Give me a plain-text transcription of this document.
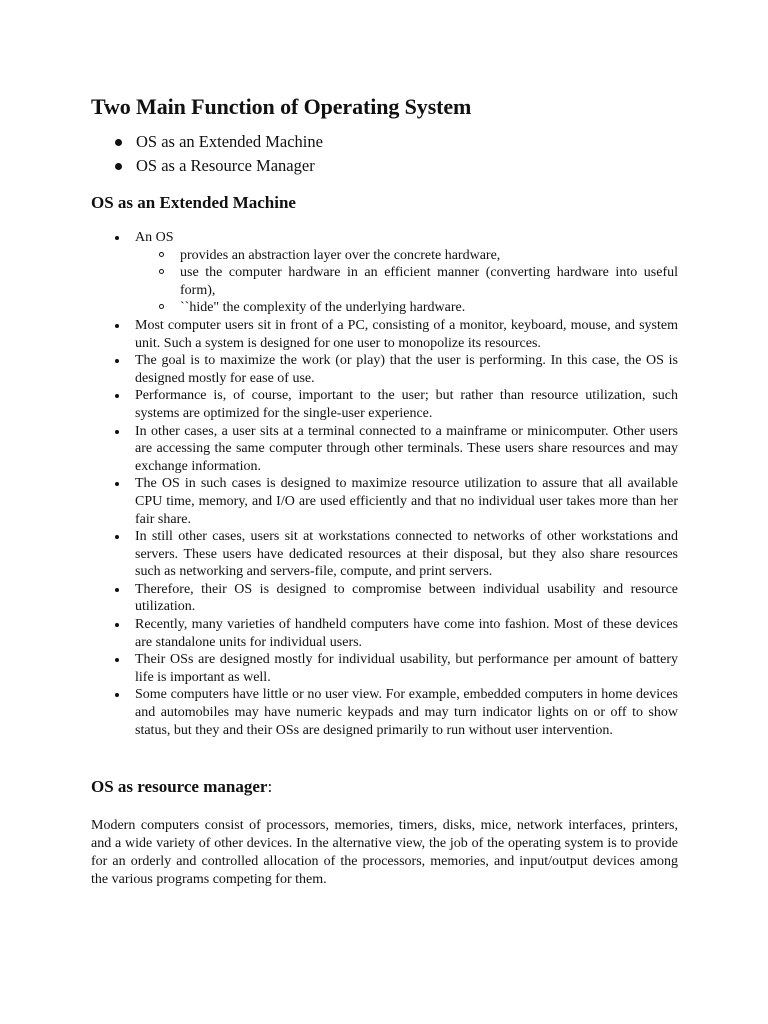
Two Main Function of Operating System
OS as an Extended Machine
OS as a Resource Manager
OS as an Extended Machine
An OS
provides an abstraction layer over the concrete hardware,
use the computer hardware in an efficient manner (converting hardware into useful form),
``hide" the complexity of the underlying hardware.
Most computer users sit in front of a PC, consisting of a monitor, keyboard, mouse, and system unit. Such a system is designed for one user to monopolize its resources.
The goal is to maximize the work (or play) that the user is performing. In this case, the OS is designed mostly for ease of use.
Performance is, of course, important to the user; but rather than resource utilization, such systems are optimized for the single-user experience.
In other cases, a user sits at a terminal connected to a mainframe or minicomputer. Other users are accessing the same computer through other terminals. These users share resources and may exchange information.
The OS in such cases is designed to maximize resource utilization to assure that all available CPU time, memory, and I/O are used efficiently and that no individual user takes more than her fair share.
In still other cases, users sit at workstations connected to networks of other workstations and servers. These users have dedicated resources at their disposal, but they also share resources such as networking and servers-file, compute, and print servers.
Therefore, their OS is designed to compromise between individual usability and resource utilization.
Recently, many varieties of handheld computers have come into fashion. Most of these devices are standalone units for individual users.
Their OSs are designed mostly for individual usability, but performance per amount of battery life is important as well.
Some computers have little or no user view. For example, embedded computers in home devices and automobiles may have numeric keypads and may turn indicator lights on or off to show status, but they and their OSs are designed primarily to run without user intervention.
OS as resource manager:

Modern computers consist of processors, memories, timers, disks, mice, network interfaces, printers, and a wide variety of other devices. In the alternative view, the job of the operating system is to provide for an orderly and controlled allocation of the processors, memories, and input/output devices among the various programs competing for them.
